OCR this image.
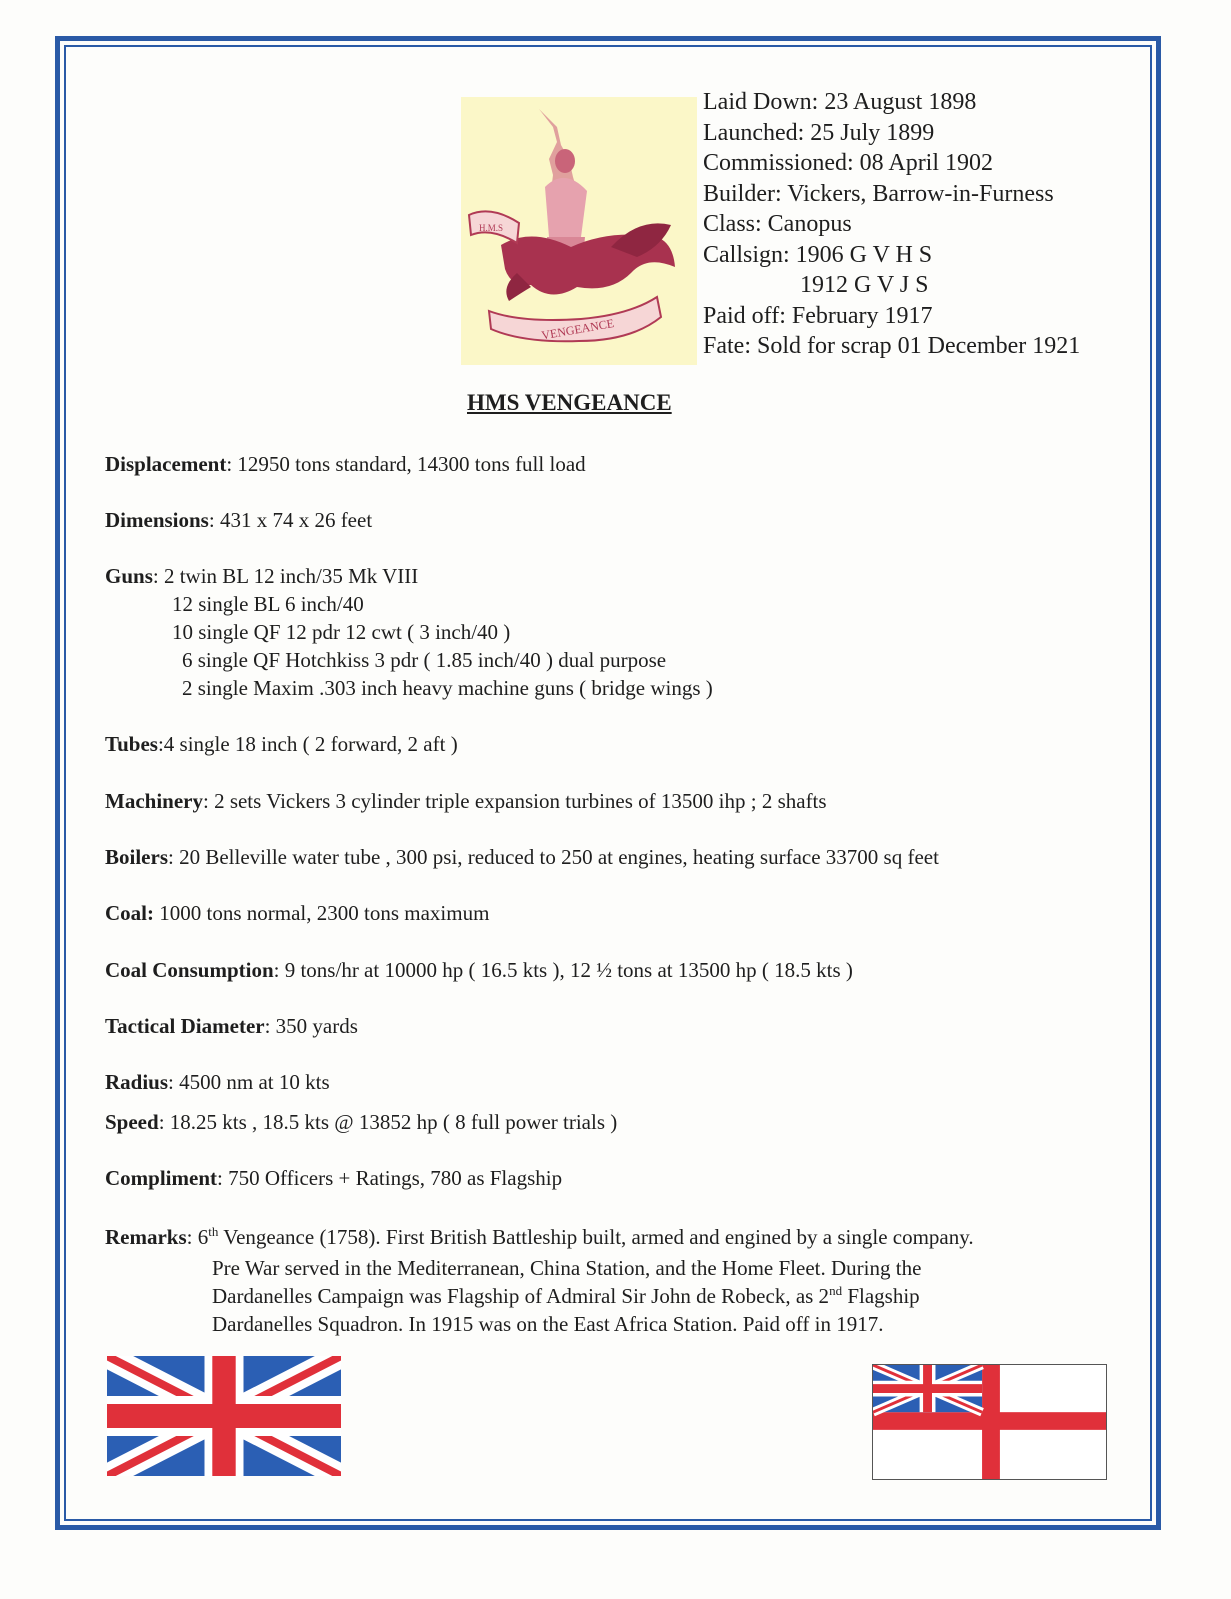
H.M.S
VENGEANCE
Laid Down: 23 August 1898
Launched: 25 July 1899
Commissioned: 08 April 1902
Builder: Vickers, Barrow-in-Furness
Class: Canopus
Callsign: 1906 G V H S
1912 G V J S
Paid off: February 1917
Fate: Sold for scrap 01 December 1921
HMS VENGEANCE
Displacement: 12950 tons standard, 14300 tons full load
Dimensions: 431 x 74 x 26 feet
Guns: 2 twin BL 12 inch/35 Mk VIII
12 single BL 6 inch/40
10 single QF 12 pdr 12 cwt ( 3 inch/40 )
6 single QF Hotchkiss 3 pdr ( 1.85 inch/40 ) dual purpose
2 single Maxim .303 inch heavy machine guns ( bridge wings )
Tubes:4 single 18 inch ( 2 forward, 2 aft )
Machinery: 2 sets Vickers 3 cylinder triple expansion turbines of 13500 ihp ; 2 shafts
Boilers: 20 Belleville water tube , 300 psi, reduced to 250 at engines, heating surface 33700 sq feet
Coal: 1000 tons normal, 2300 tons maximum
Coal Consumption: 9 tons/hr at 10000 hp ( 16.5 kts ), 12 ½ tons at 13500 hp ( 18.5 kts )
Tactical Diameter: 350 yards
Radius: 4500 nm at 10 kts
Speed: 18.25 kts , 18.5 kts @ 13852 hp ( 8 full power trials )
Compliment: 750 Officers + Ratings, 780 as Flagship
Remarks: 6th Vengeance (1758). First British Battleship built, armed and engined by a single company.
Pre War served in the Mediterranean, China Station, and the Home Fleet. During the
Dardanelles Campaign was Flagship of Admiral Sir John de Robeck, as 2nd Flagship
Dardanelles Squadron. In 1915 was on the East Africa Station. Paid off in 1917.
